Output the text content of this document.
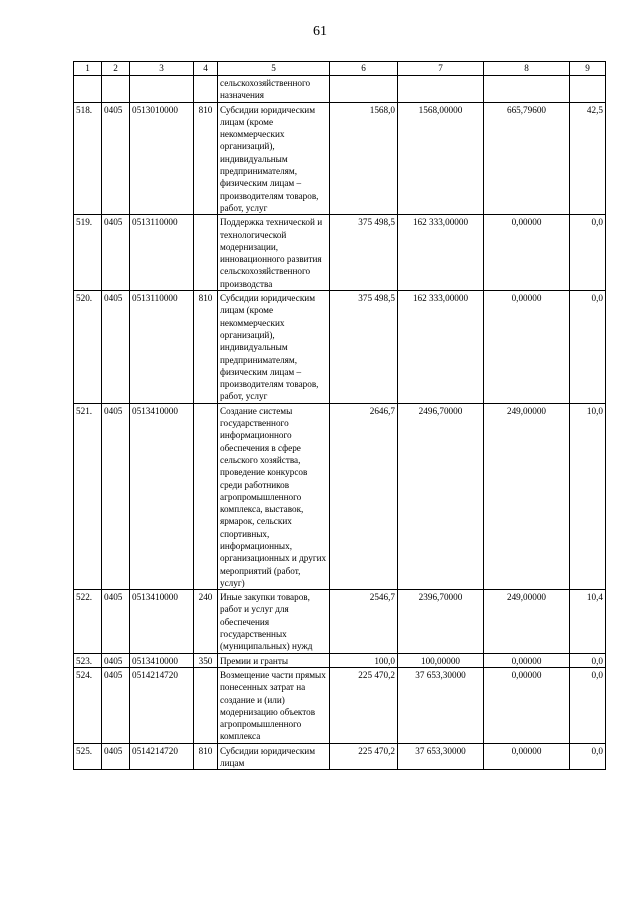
61
1	2	3	4	5	6	7	8	9
				сельскохозяйственного назначения				
518.	0405	0513010000	810	Субсидии юридическим лицам (кроме некоммерческих организаций), индивидуальным предпринимателям, физическим лицам – производителям товаров, работ, услуг	1568,0	1568,00000	665,79600	42,5
519.	0405	0513110000		Поддержка технической и технологической модернизации, инновационного развития сельскохозяйственного производства	375 498,5	162 333,00000	0,00000	0,0
520.	0405	0513110000	810	Субсидии юридическим лицам (кроме некоммерческих организаций), индивидуальным предпринимателям, физическим лицам – производителям товаров, работ, услуг	375 498,5	162 333,00000	0,00000	0,0
521.	0405	0513410000		Создание системы государственного информационного обеспечения в сфере сельского хозяйства, проведение конкурсов среди работников агропромышленного комплекса, выставок, ярмарок, сельских спортивных, информационных, организационных и других мероприятий (работ, услуг)	2646,7	2496,70000	249,00000	10,0
522.	0405	0513410000	240	Иные закупки товаров, работ и услуг для обеспечения государственных (муниципальных) нужд	2546,7	2396,70000	249,00000	10,4
523.	0405	0513410000	350	Премии и гранты	100,0	100,00000	0,00000	0,0
524.	0405	0514214720		Возмещение части прямых понесенных затрат на создание и (или) модернизацию объектов агропромышленного комплекса	225 470,2	37 653,30000	0,00000	0,0
525.	0405	0514214720	810	Субсидии юридическим лицам	225 470,2	37 653,30000	0,00000	0,0
